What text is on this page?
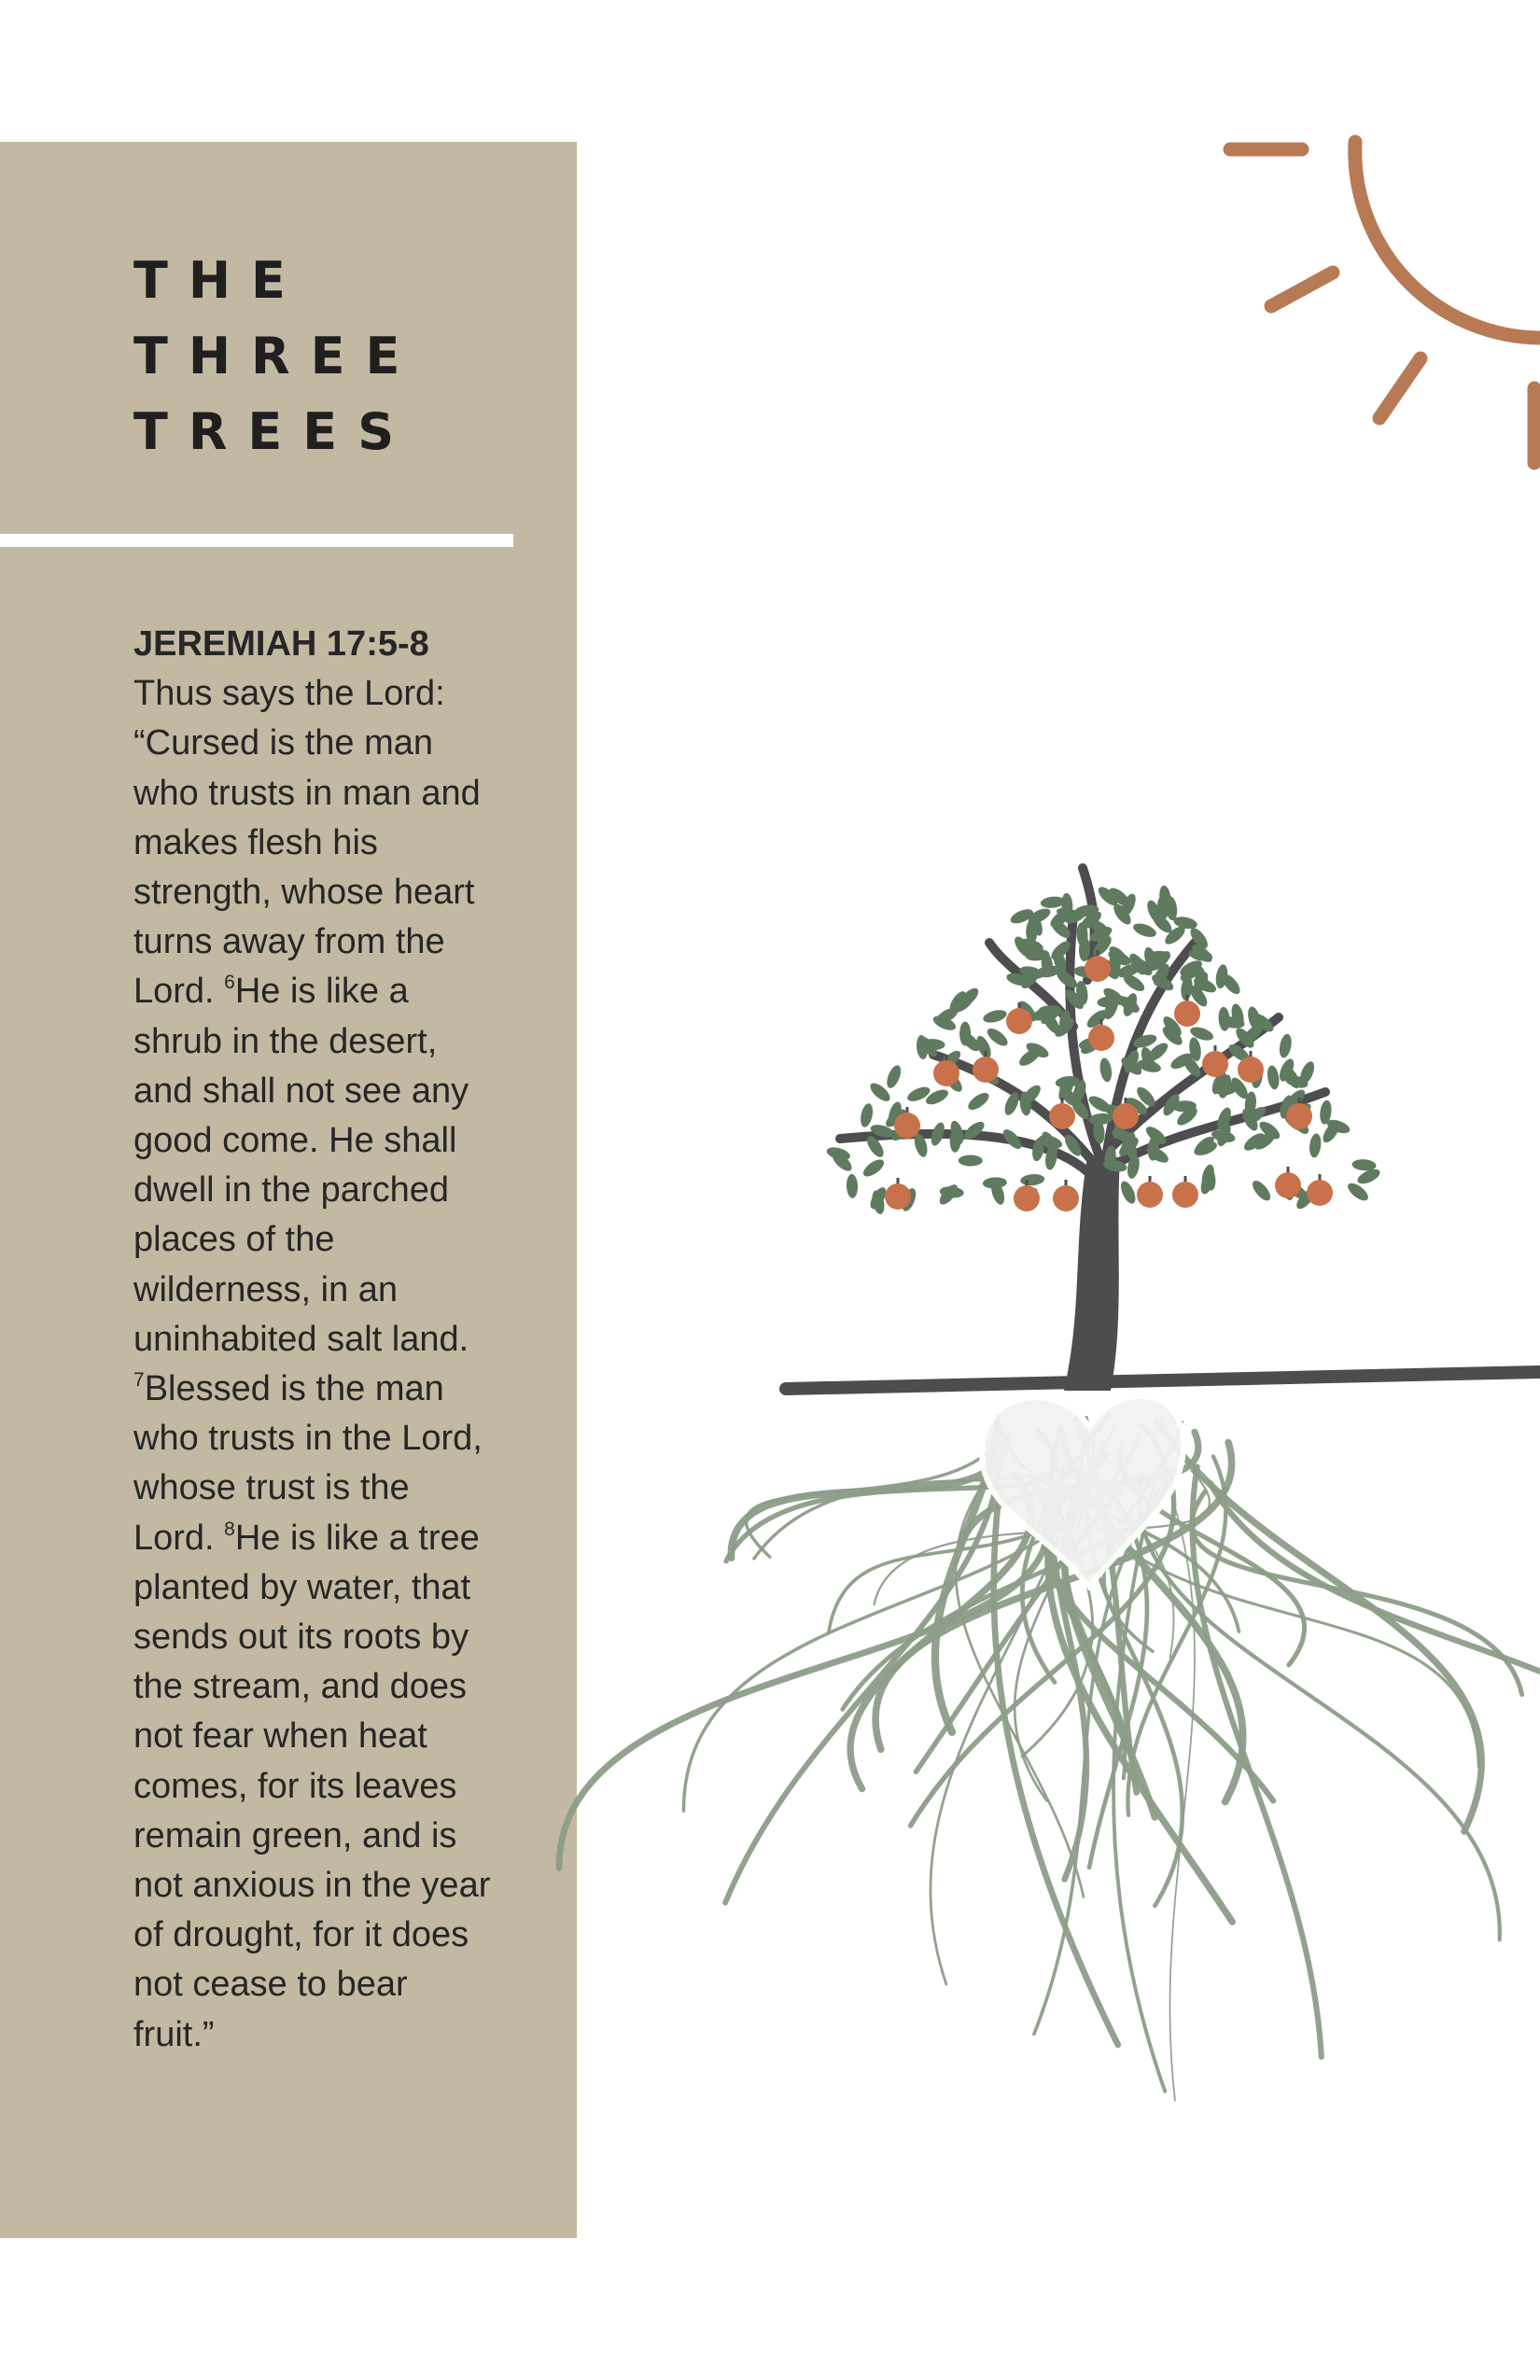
THE
THREE
TREES
JEREMIAH 17:5-8
Thus says the Lord:
“Cursed is the man
who trusts in man and
makes flesh his
strength, whose heart
turns away from the
Lord. $^6$He is like a
shrub in the desert,
and shall not see any
good come. He shall
dwell in the parched
places of the
wilderness, in an
uninhabited salt land.
$^7$Blessed is the man
who trusts in the Lord,
whose trust is the
Lord. $^8$He is like a tree
planted by water, that
sends out its roots by
the stream, and does
not fear when heat
comes, for its leaves
remain green, and is
not anxious in the year
of drought, for it does
not cease to bear
fruit.”
